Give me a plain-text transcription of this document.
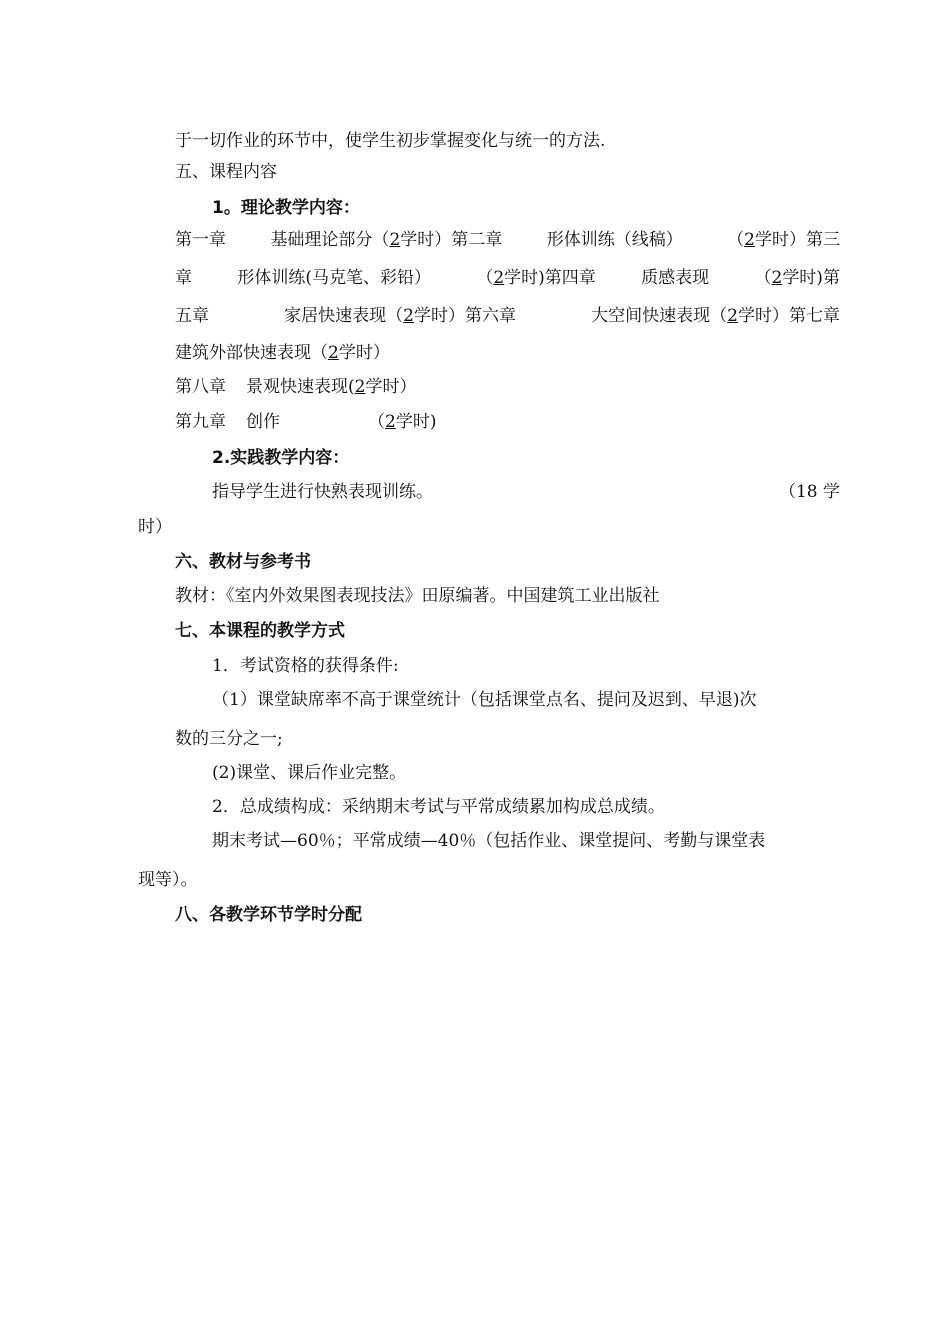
于一切作业的环节中，使学生初步掌握变化与统一的方法.
五、课程内容
1。理论教学内容：
第一章	基础理论部分（2学时）第二章	形体训练（线稿）	（2学时）第三
章	形体训练(马克笔、彩铅）	（2学时)第四章	质感表现	（2学时)第
五章	家居快速表现（2学时）第六章	大空间快速表现（2学时）第七章
建筑外部快速表现（2学时）
第八章 景观快速表现(2学时）
第九章 创作	（2学时)
2.实践教学内容：
指导学生进行快熟表现训练。	（18 学
时）
六、教材与参考书
教材：《室内外效果图表现技法》田原编著。中国建筑工业出版社
七、本课程的教学方式
1．考试资格的获得条件:
（1）课堂缺席率不高于课堂统计（包括课堂点名、提问及迟到、早退)次
数的三分之一;
(2)课堂、课后作业完整。
2．总成绩构成：采纳期末考试与平常成绩累加构成总成绩。
期末考试—60％；平常成绩—40％（包括作业、课堂提问、考勤与课堂表
现等）。
八、各教学环节学时分配
